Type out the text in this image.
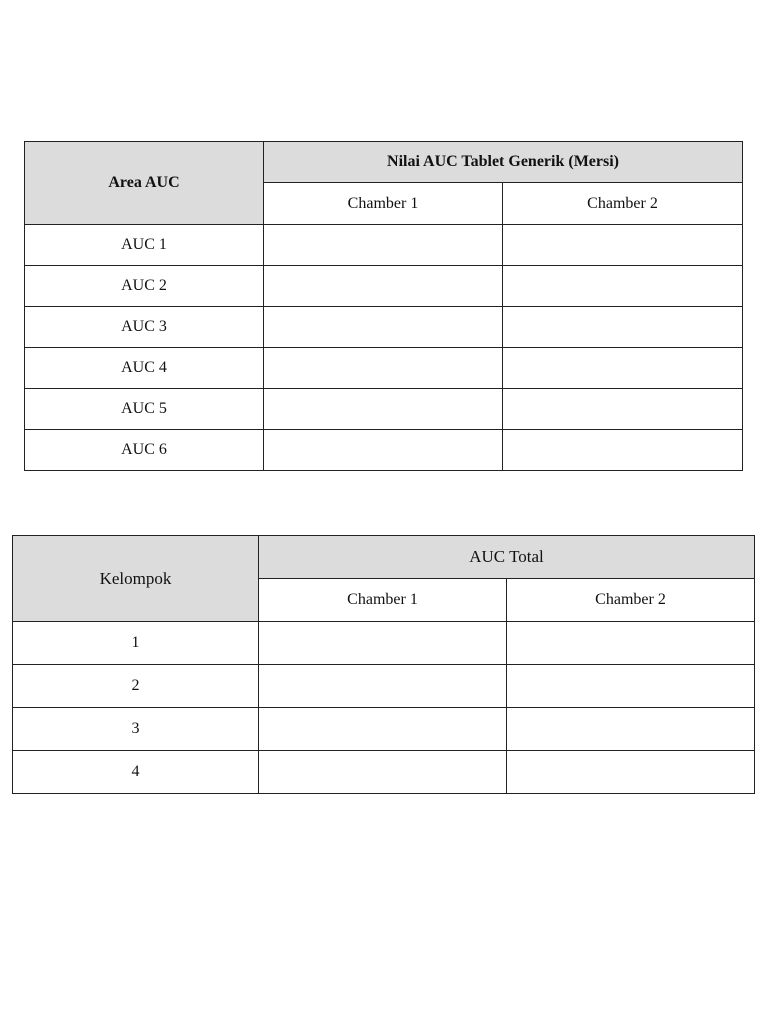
Area AUC	Nilai AUC Tablet Generik (Mersi)	
	Chamber 1	Chamber 2
AUC 1		
AUC 2		
AUC 3		
AUC 4		
AUC 5		
AUC 6		
Kelompok	AUC Total	
	Chamber 1	Chamber 2
1		
2		
3		
4		
